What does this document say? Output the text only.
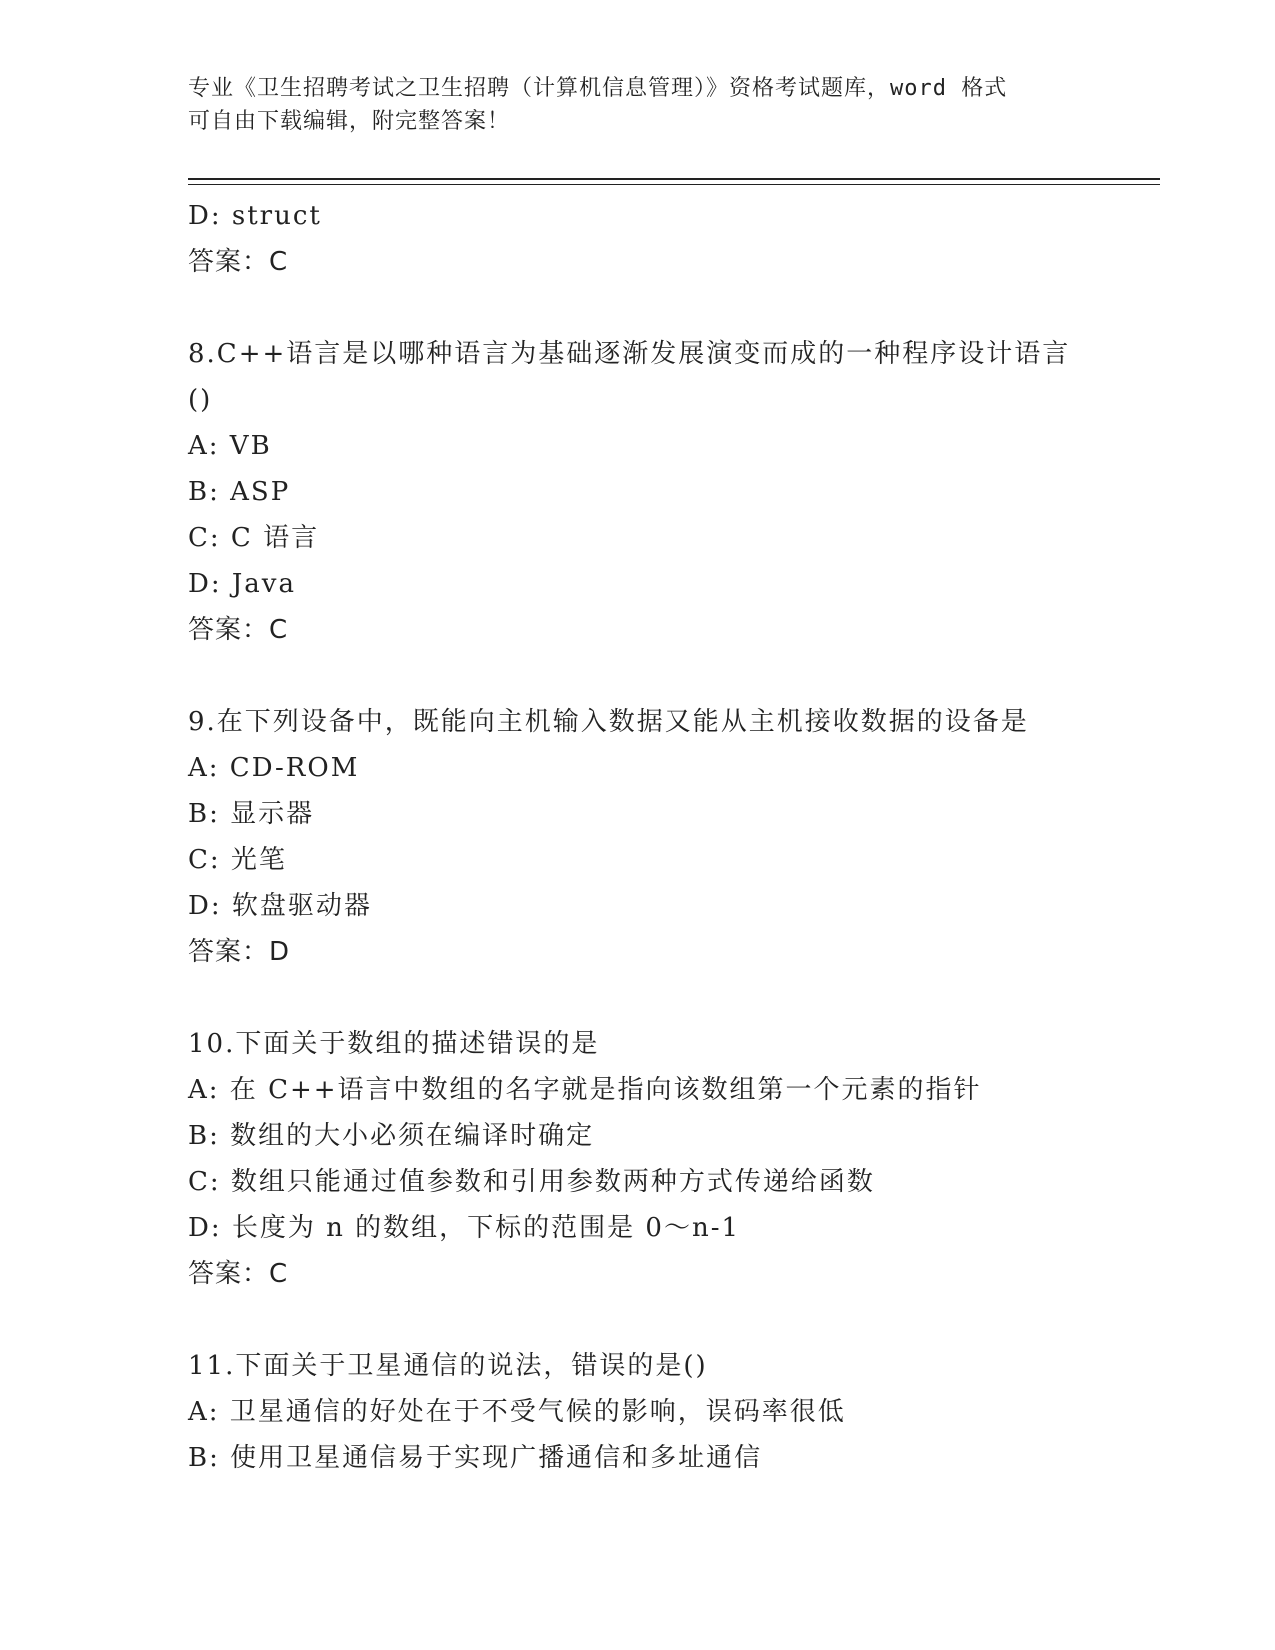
专业《卫生招聘考试之卫生招聘（计算机信息管理）》资格考试题库，word 格式
可自由下载编辑，附完整答案！
D: struct
答案：C
8.C++语言是以哪种语言为基础逐渐发展演变而成的一种程序设计语言
()
A: VB
B: ASP
C: C 语言
D: Java
答案：C
9.在下列设备中，既能向主机输入数据又能从主机接收数据的设备是
A: CD-ROM
B: 显示器
C: 光笔
D: 软盘驱动器
答案：D
10.下面关于数组的描述错误的是
A: 在 C++语言中数组的名字就是指向该数组第一个元素的指针
B: 数组的大小必须在编译时确定
C: 数组只能通过值参数和引用参数两种方式传递给函数
D: 长度为 n 的数组，下标的范围是 0～n-1
答案：C
11.下面关于卫星通信的说法，错误的是()
A: 卫星通信的好处在于不受气候的影响，误码率很低
B: 使用卫星通信易于实现广播通信和多址通信
